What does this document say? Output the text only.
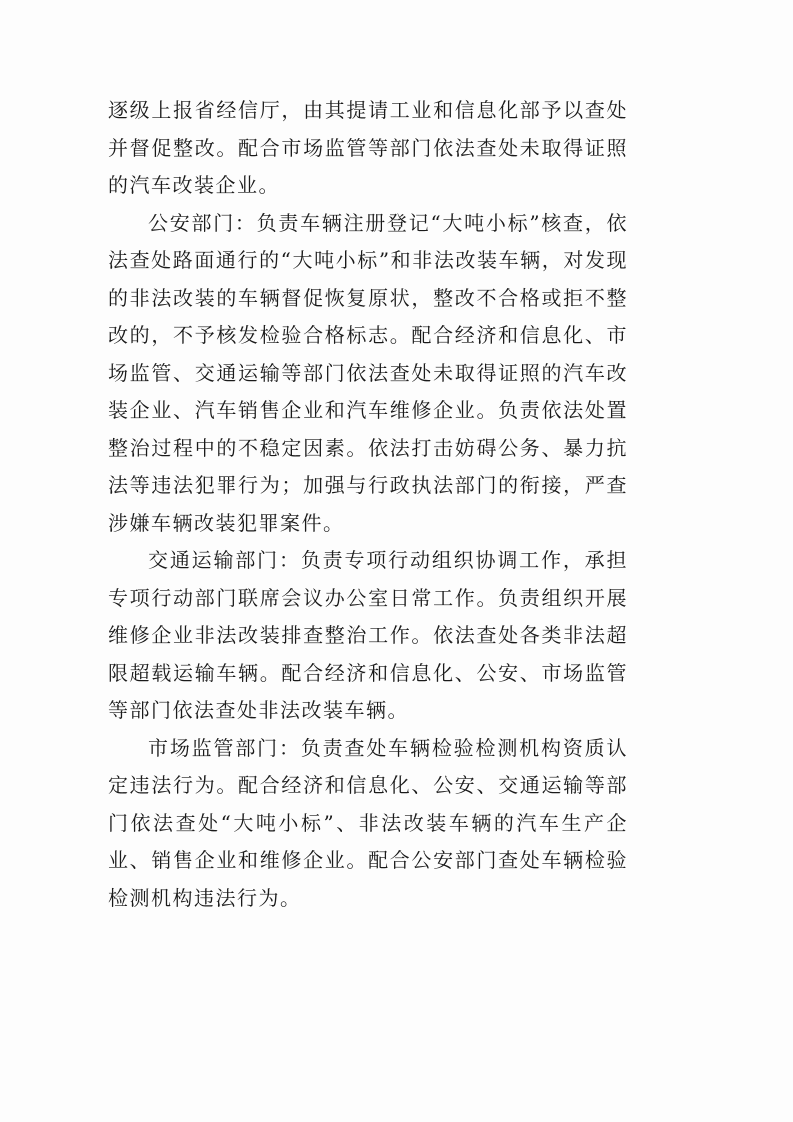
逐级上报省经信厅，由其提请工业和信息化部予以查处并督促整改。配合市场监管等部门依法查处未取得证照的汽车改装企业。

公安部门：负责车辆注册登记“大吨小标”核查，依法查处路面通行的“大吨小标”和非法改装车辆，对发现的非法改装的车辆督促恢复原状，整改不合格或拒不整改的，不予核发检验合格标志。配合经济和信息化、市场监管、交通运输等部门依法查处未取得证照的汽车改装企业、汽车销售企业和汽车维修企业。负责依法处置整治过程中的不稳定因素。依法打击妨碍公务、暴力抗法等违法犯罪行为；加强与行政执法部门的衔接，严查涉嫌车辆改装犯罪案件。

交通运输部门：负责专项行动组织协调工作，承担专项行动部门联席会议办公室日常工作。负责组织开展维修企业非法改装排查整治工作。依法查处各类非法超限超载运输车辆。配合经济和信息化、公安、市场监管等部门依法查处非法改装车辆。

市场监管部门：负责查处车辆检验检测机构资质认定违法行为。配合经济和信息化、公安、交通运输等部门依法查处“大吨小标”、非法改装车辆的汽车生产企业、销售企业和维修企业。配合公安部门查处车辆检验检测机构违法行为。
